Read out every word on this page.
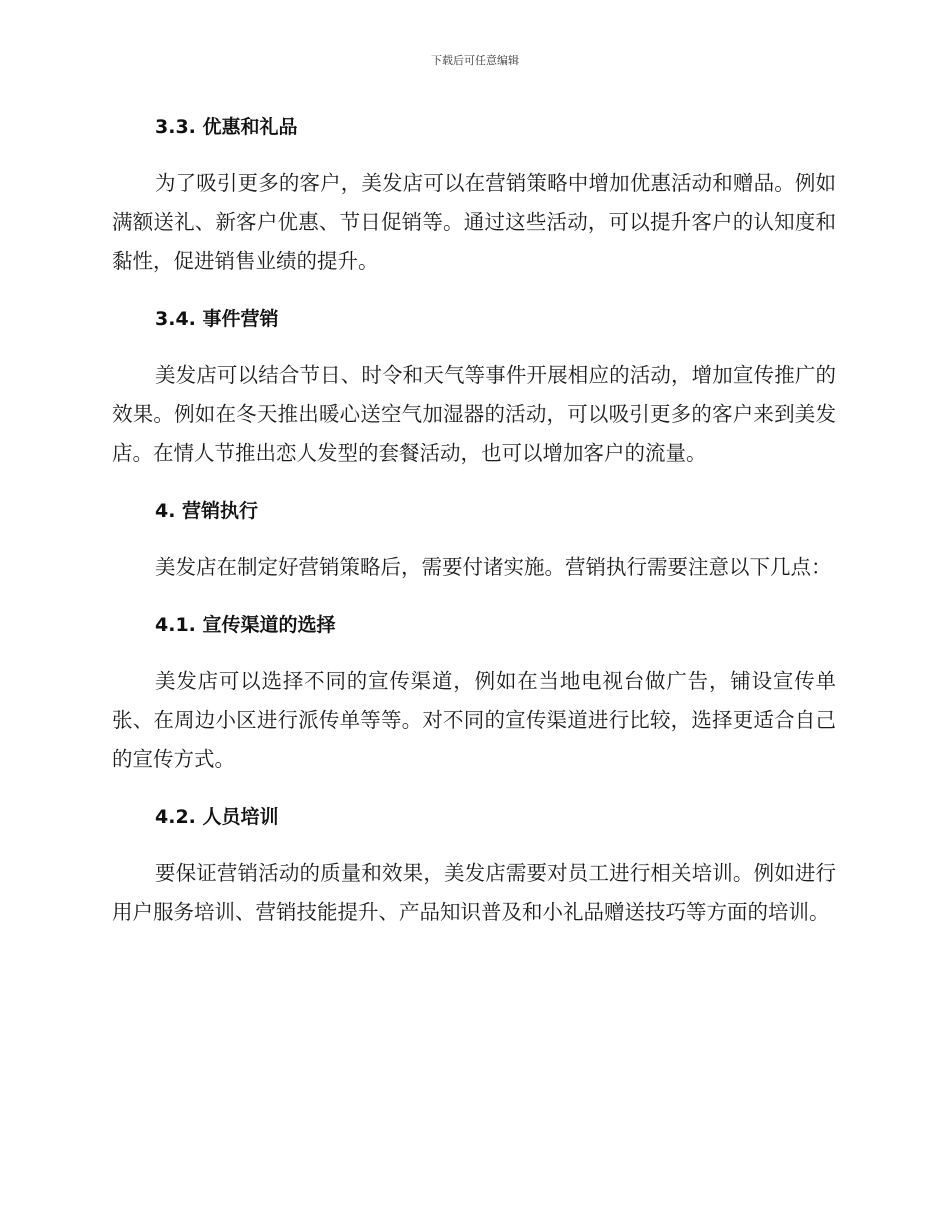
下载后可任意编辑
3.3. 优惠和礼品

为了吸引更多的客户，美发店可以在营销策略中增加优惠活动和赠品。例如满额送礼、新客户优惠、节日促销等。通过这些活动，可以提升客户的认知度和黏性，促进销售业绩的提升。

3.4. 事件营销

美发店可以结合节日、时令和天气等事件开展相应的活动，增加宣传推广的效果。例如在冬天推出暖心送空气加湿器的活动，可以吸引更多的客户来到美发店。在情人节推出恋人发型的套餐活动，也可以增加客户的流量。

4. 营销执行

美发店在制定好营销策略后，需要付诸实施。营销执行需要注意以下几点：

4.1. 宣传渠道的选择

美发店可以选择不同的宣传渠道，例如在当地电视台做广告，铺设宣传单张、在周边小区进行派传单等等。对不同的宣传渠道进行比较，选择更适合自己的宣传方式。

4.2. 人员培训

要保证营销活动的质量和效果，美发店需要对员工进行相关培训。例如进行用户服务培训、营销技能提升、产品知识普及和小礼品赠送技巧等方面的培训。
